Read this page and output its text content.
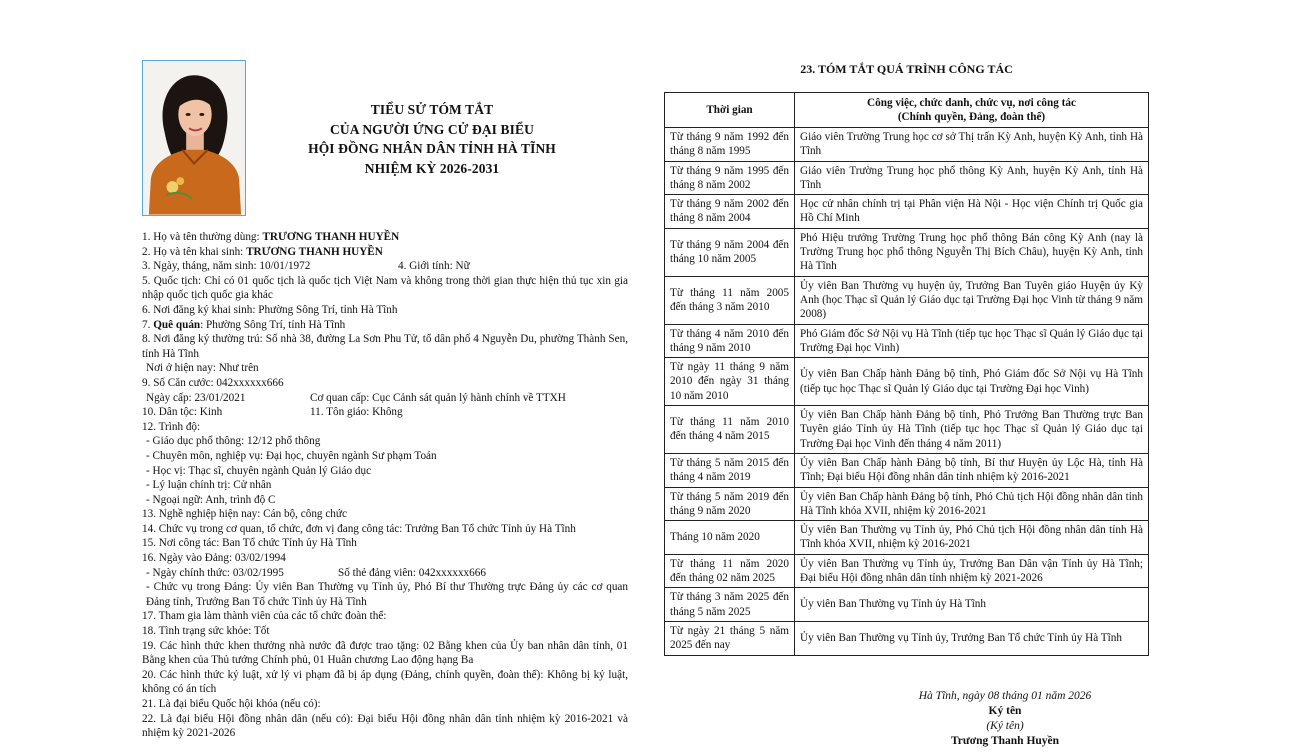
TIỂU SỬ TÓM TẮT
CỦA NGƯỜI ỨNG CỬ ĐẠI BIỂU
HỘI ĐỒNG NHÂN DÂN TỈNH HÀ TĨNH
NHIỆM KỲ 2026-2031
1. Họ và tên thường dùng: TRƯƠNG THANH HUYỀN
2. Họ và tên khai sinh: TRƯƠNG THANH HUYỀN
3. Ngày, tháng, năm sinh: 10/01/1972	4. Giới tính: Nữ
5. Quốc tịch: Chỉ có 01 quốc tịch là quốc tịch Việt Nam và không trong thời gian thực hiện thủ tục xin gia nhập quốc tịch quốc gia khác
6. Nơi đăng ký khai sinh: Phường Sông Trí, tỉnh Hà Tĩnh
7. Quê quán: Phường Sông Trí, tỉnh Hà Tĩnh
8. Nơi đăng ký thường trú: Số nhà 38, đường La Sơn Phu Tử, tổ dân phố 4 Nguyễn Du, phường Thành Sen, tỉnh Hà Tĩnh
Nơi ở hiện nay: Như trên
9. Số Căn cước: 042xxxxxx666
Ngày cấp: 23/01/2021	Cơ quan cấp: Cục Cảnh sát quản lý hành chính về TTXH
10. Dân tộc: Kinh	11. Tôn giáo: Không
12. Trình độ:
- Giáo dục phổ thông: 12/12 phổ thông
- Chuyên môn, nghiệp vụ: Đại học, chuyên ngành Sư phạm Toán
- Học vị: Thạc sĩ, chuyên ngành Quản lý Giáo dục
- Lý luận chính trị: Cử nhân
- Ngoại ngữ: Anh, trình độ C
13. Nghề nghiệp hiện nay: Cán bộ, công chức
14. Chức vụ trong cơ quan, tổ chức, đơn vị đang công tác: Trưởng Ban Tổ chức Tỉnh ủy Hà Tĩnh
15. Nơi công tác: Ban Tổ chức Tỉnh ủy Hà Tĩnh
16. Ngày vào Đảng: 03/02/1994
- Ngày chính thức: 03/02/1995	Số thẻ đảng viên: 042xxxxxx666
- Chức vụ trong Đảng: Ủy viên Ban Thường vụ Tỉnh ủy, Phó Bí thư Thường trực Đảng ủy các cơ quan Đảng tỉnh, Trưởng Ban Tổ chức Tỉnh ủy Hà Tĩnh
17. Tham gia làm thành viên của các tổ chức đoàn thể:
18. Tình trạng sức khỏe: Tốt
19. Các hình thức khen thưởng nhà nước đã được trao tặng: 02 Bằng khen của Ủy ban nhân dân tỉnh, 01 Bằng khen của Thủ tướng Chính phủ, 01 Huân chương Lao động hạng Ba
20. Các hình thức kỷ luật, xử lý vi phạm đã bị áp dụng (Đảng, chính quyền, đoàn thể): Không bị kỷ luật, không có án tích
21. Là đại biểu Quốc hội khóa (nếu có):
22. Là đại biểu Hội đồng nhân dân (nếu có): Đại biểu Hội đồng nhân dân tỉnh nhiệm kỳ 2016-2021 và nhiệm kỳ 2021-2026
23. TÓM TẮT QUÁ TRÌNH CÔNG TÁC
Thời gian	Công việc, chức danh, chức vụ, nơi công tác
(Chính quyền, Đảng, đoàn thể)

Từ tháng 9 năm 1992 đến tháng 8 năm 1995	Giáo viên Trường Trung học cơ sở Thị trấn Kỳ Anh, huyện Kỳ Anh, tỉnh Hà Tĩnh
Từ tháng 9 năm 1995 đến tháng 8 năm 2002	Giáo viên Trường Trung học phổ thông Kỳ Anh, huyện Kỳ Anh, tỉnh Hà Tĩnh
Từ tháng 9 năm 2002 đến tháng 8 năm 2004	Học cử nhân chính trị tại Phân viện Hà Nội - Học viện Chính trị Quốc gia Hồ Chí Minh
Từ tháng 9 năm 2004 đến tháng 10 năm 2005	Phó Hiệu trưởng Trường Trung học phổ thông Bán công Kỳ Anh (nay là Trường Trung học phổ thông Nguyễn Thị Bích Châu), huyện Kỳ Anh, tỉnh Hà Tĩnh
Từ tháng 11 năm 2005 đến tháng 3 năm 2010	Ủy viên Ban Thường vụ huyện ủy, Trưởng Ban Tuyên giáo Huyện ủy Kỳ Anh (học Thạc sĩ Quản lý Giáo dục tại Trường Đại học Vinh từ tháng 9 năm 2008)
Từ tháng 4 năm 2010 đến tháng 9 năm 2010	Phó Giám đốc Sở Nội vụ Hà Tĩnh (tiếp tục học Thạc sĩ Quản lý Giáo dục tại Trường Đại học Vinh)
Từ ngày 11 tháng 9 năm 2010 đến ngày 31 tháng 10 năm 2010	Ủy viên Ban Chấp hành Đảng bộ tỉnh, Phó Giám đốc Sở Nội vụ Hà Tĩnh (tiếp tục học Thạc sĩ Quản lý Giáo dục tại Trường Đại học Vinh)
Từ tháng 11 năm 2010 đến tháng 4 năm 2015	Ủy viên Ban Chấp hành Đảng bộ tỉnh, Phó Trưởng Ban Thường trực Ban Tuyên giáo Tỉnh ủy Hà Tĩnh (tiếp tục học Thạc sĩ Quản lý Giáo dục tại Trường Đại học Vinh đến tháng 4 năm 2011)
Từ tháng 5 năm 2015 đến tháng 4 năm 2019	Ủy viên Ban Chấp hành Đảng bộ tỉnh, Bí thư Huyện ủy Lộc Hà, tỉnh Hà Tĩnh; Đại biểu Hội đồng nhân dân tỉnh nhiệm kỳ 2016-2021
Từ tháng 5 năm 2019 đến tháng 9 năm 2020	Ủy viên Ban Chấp hành Đảng bộ tỉnh, Phó Chủ tịch Hội đồng nhân dân tỉnh Hà Tĩnh khóa XVII, nhiệm kỳ 2016-2021
Tháng 10 năm 2020	Ủy viên Ban Thường vụ Tỉnh ủy, Phó Chủ tịch Hội đồng nhân dân tỉnh Hà Tĩnh khóa XVII, nhiệm kỳ 2016-2021
Từ tháng 11 năm 2020 đến tháng 02 năm 2025	Ủy viên Ban Thường vụ Tỉnh ủy, Trưởng Ban Dân vận Tỉnh ủy Hà Tĩnh; Đại biểu Hội đồng nhân dân tỉnh nhiệm kỳ 2021-2026
Từ tháng 3 năm 2025 đến tháng 5 năm 2025	Ủy viên Ban Thường vụ Tỉnh ủy Hà Tĩnh
Từ ngày 21 tháng 5 năm 2025 đến nay	Ủy viên Ban Thường vụ Tỉnh ủy, Trưởng Ban Tổ chức Tỉnh ủy Hà Tĩnh
Hà Tĩnh, ngày 08 tháng 01 năm 2026
Ký tên
(Ký tên)
Trương Thanh Huyền
